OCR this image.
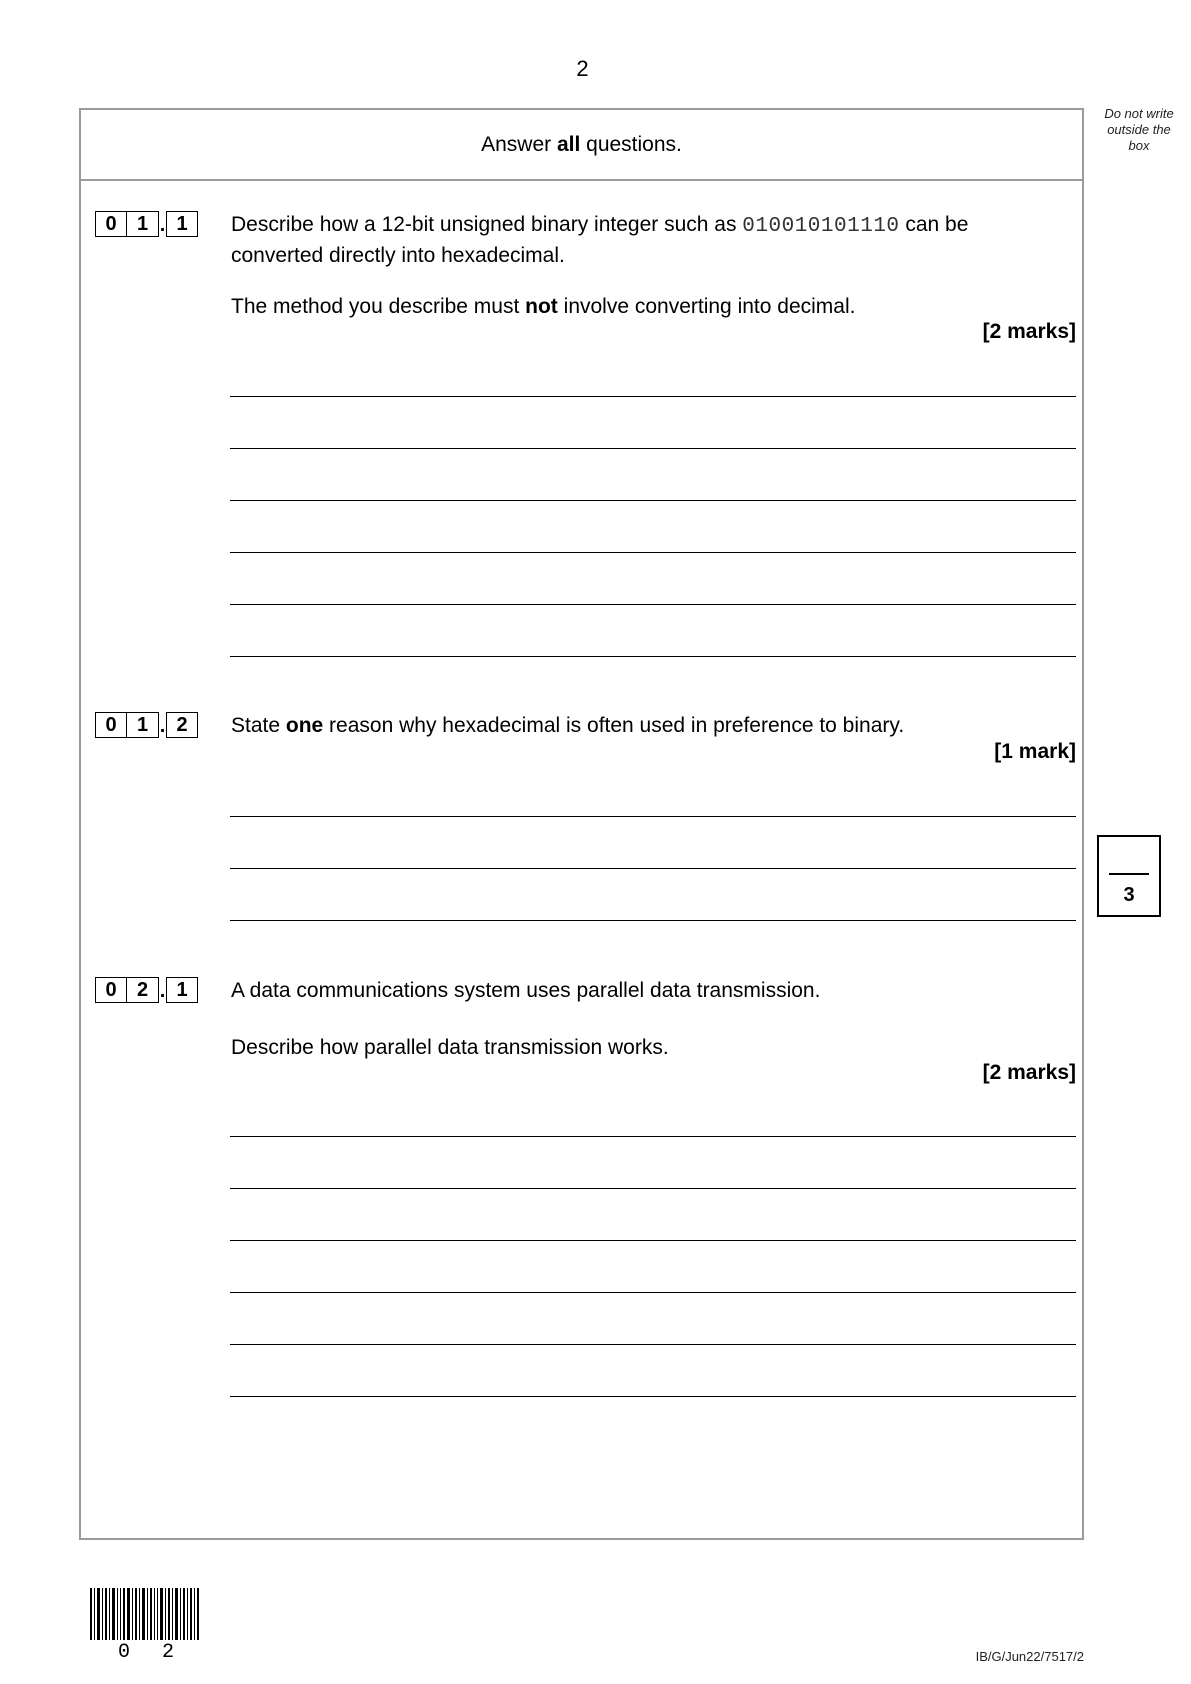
2
Do not write
outside the
box
Answer all questions.
0	1 . 1	Describe how a 12-bit unsigned binary integer such as 010010101110 can be
converted directly into hexadecimal.
The method you describe must not involve converting into decimal.
[2 marks]
0	1 . 2	State one reason why hexadecimal is often used in preference to binary.
[1 mark]
3
0	2 . 1	A data communications system uses parallel data transmission.
Describe how parallel data transmission works.
[2 marks]
0 2	IB/G/Jun22/7517/2
